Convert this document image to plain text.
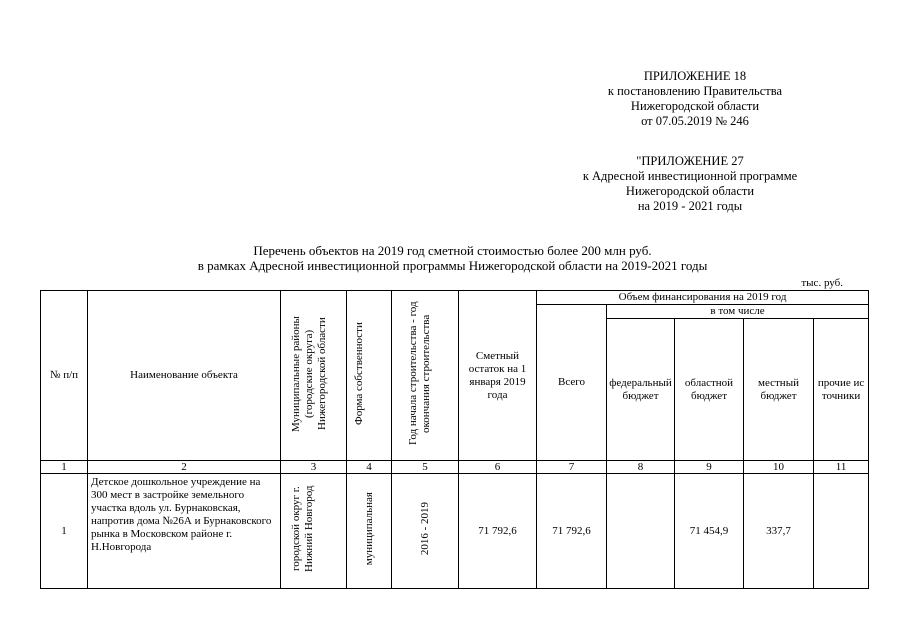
ПРИЛОЖЕНИЕ 18
к постановлению Правительства
Нижегородской области
от 07.05.2019 № 246
"ПРИЛОЖЕНИЕ 27
к Адресной инвестиционной программе
Нижегородской области
на 2019 - 2021 годы
Перечень объектов на 2019 год сметной стоимостью более 200 млн руб.
в рамках Адресной инвестиционной программы Нижегородской области на 2019-2021 годы
тыс. руб.
№ п/п	Наименование объекта	Муниципальные районы (городские округа) Нижегородской области	Форма собственности	Год начала строительства - год окончания строительства	Сметный остаток на 1 января 2019 года	Объем финансирования на 2019 год				
						Всего	в том числе			
							федеральный бюджет	областной бюджет	местный бюджет	прочие источники
1	2	3	4	5	6	7	8	9	10	11
1	Детское дошкольное учреждение на 300 мест в застройке земельного участка вдоль ул. Бурнаковская, напротив дома №26А и Бурнаковского рынка в Московском районе г. Н.Новгорода	городской округ г. Нижний Новгород	муниципальная	2016 - 2019	71 792,6	71 792,6		71 454,9	337,7	
